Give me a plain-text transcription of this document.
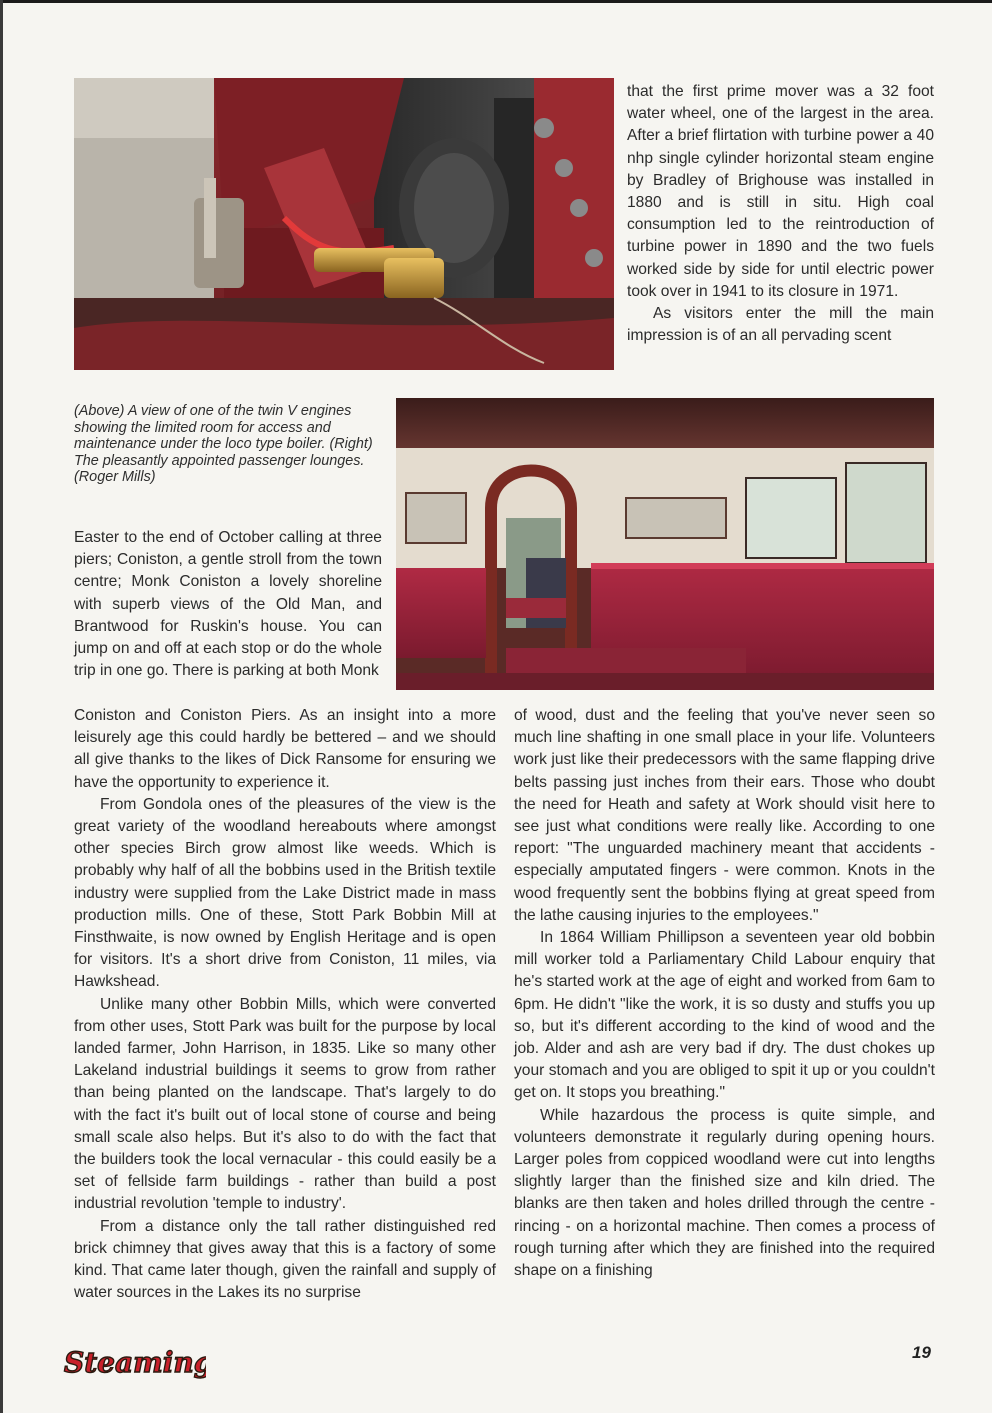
that the first prime mover was a 32 foot water wheel, one of the largest in the area. After a brief flirtation with turbine power a 40 nhp single cylinder horizontal steam engine by Bradley of Brighouse was installed in 1880 and is still in situ. High coal consumption led to the reintroduction of turbine power in 1890 and the two fuels worked side by side for until electric power took over in 1941 to its closure in 1971.

As visitors enter the mill the main impression is of an all pervading scent

(Above) A view of one of the twin V engines showing the limited room for access and maintenance under the loco type boiler. (Right) The pleasantly appointed passenger lounges. (Roger Mills)

Easter to the end of October calling at three piers; Coniston, a gentle stroll from the town centre; Monk Coniston a lovely shoreline with superb views of the Old Man, and Brantwood for Ruskin's house. You can jump on and off at each stop or do the whole trip in one go. There is parking at both Monk

Coniston and Coniston Piers. As an insight into a more leisurely age this could hardly be bettered – and we should all give thanks to the likes of Dick Ransome for ensuring we have the opportunity to experience it.

From Gondola ones of the pleasures of the view is the great variety of the woodland hereabouts where amongst other species Birch grow almost like weeds. Which is probably why half of all the bobbins used in the British textile industry were supplied from the Lake District made in mass production mills. One of these, Stott Park Bobbin Mill at Finsthwaite, is now owned by English Heritage and is open for visitors. It's a short drive from Coniston, 11 miles, via Hawkshead.

Unlike many other Bobbin Mills, which were converted from other uses, Stott Park was built for the purpose by local landed farmer, John Harrison, in 1835. Like so many other Lakeland industrial buildings it seems to grow from rather than being planted on the landscape. That's largely to do with the fact it's built out of local stone of course and being small scale also helps. But it's also to do with the fact that the builders took the local vernacular - this could easily be a set of fellside farm buildings - rather than build a post industrial revolution 'temple to industry'.

From a distance only the tall rather distinguished red brick chimney that gives away that this is a factory of some kind. That came later though, given the rainfall and supply of water sources in the Lakes its no surprise

of wood, dust and the feeling that you've never seen so much line shafting in one small place in your life. Volunteers work just like their predecessors with the same flapping drive belts passing just inches from their ears. Those who doubt the need for Heath and safety at Work should visit here to see just what conditions were really like. According to one report: "The unguarded machinery meant that accidents - especially amputated fingers - were common. Knots in the wood frequently sent the bobbins flying at great speed from the lathe causing injuries to the employees."

In 1864 William Phillipson a seventeen year old bobbin mill worker told a Parliamentary Child Labour enquiry that he's started work at the age of eight and worked from 6am to 6pm. He didn't "like the work, it is so dusty and stuffs you up so, but it's different according to the kind of wood and the job. Alder and ash are very bad if dry. The dust chokes up your stomach and you are obliged to spit it up or you couldn't get on. It stops you breathing."

While hazardous the process is quite simple, and volunteers demonstrate it regularly during opening hours. Larger poles from coppiced woodland were cut into lengths slightly larger than the finished size and kiln dried. The blanks are then taken and holes drilled through the centre - rincing - on a horizontal machine. Then comes a process of rough turning after which they are finished into the required shape on a finishing

Steaming	19
